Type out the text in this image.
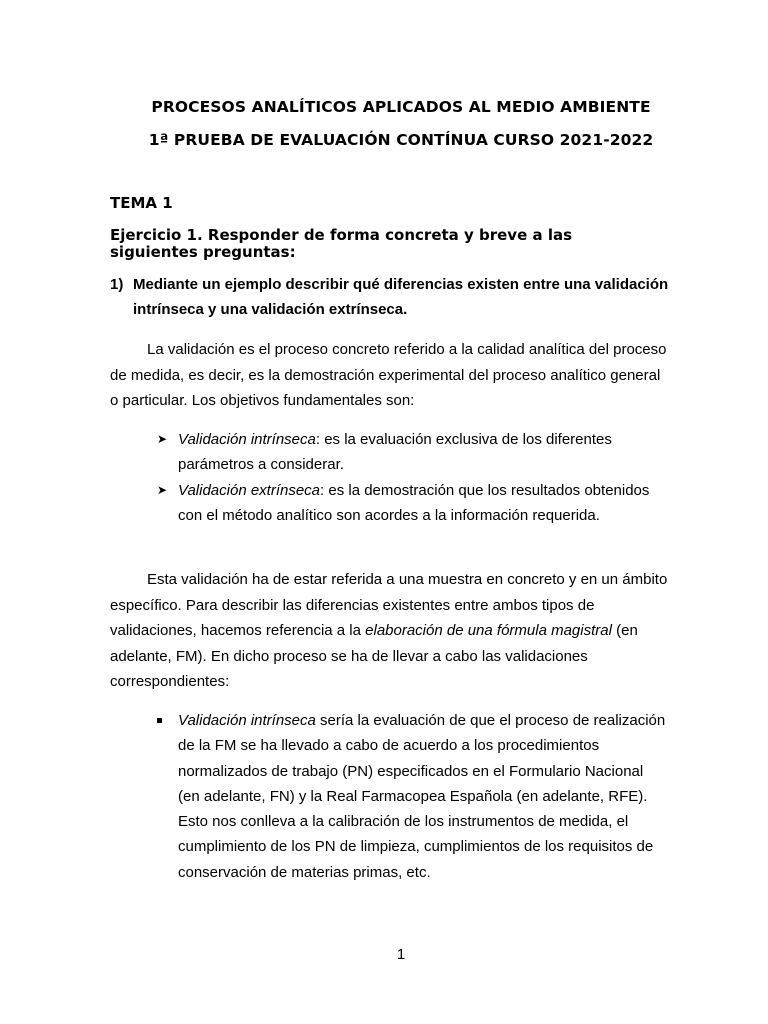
PROCESOS ANALÍTICOS APLICADOS AL MEDIO AMBIENTE
1ª PRUEBA DE EVALUACIÓN CONTÍNUA CURSO 2021-2022
TEMA 1
Ejercicio 1. Responder de forma concreta y breve a las
siguientes preguntas:
1) Mediante un ejemplo describir qué diferencias existen entre una validación intrínseca y una validación extrínseca.
La validación es el proceso concreto referido a la calidad analítica del proceso de medida, es decir, es la demostración experimental del proceso analítico general o particular. Los objetivos fundamentales son:
➤ Validación intrínseca: es la evaluación exclusiva de los diferentes parámetros a considerar.
➤ Validación extrínseca: es la demostración que los resultados obtenidos con el método analítico son acordes a la información requerida.
Esta validación ha de estar referida a una muestra en concreto y en un ámbito específico. Para describir las diferencias existentes entre ambos tipos de validaciones, hacemos referencia a la elaboración de una fórmula magistral (en adelante, FM). En dicho proceso se ha de llevar a cabo las validaciones correspondientes:
Validación intrínseca sería la evaluación de que el proceso de realización de la FM se ha llevado a cabo de acuerdo a los procedimientos normalizados de trabajo (PN) especificados en el Formulario Nacional (en adelante, FN) y la Real Farmacopea Española (en adelante, RFE). Esto nos conlleva a la calibración de los instrumentos de medida, el cumplimiento de los PN de limpieza, cumplimientos de los requisitos de conservación de materias primas, etc.
1
